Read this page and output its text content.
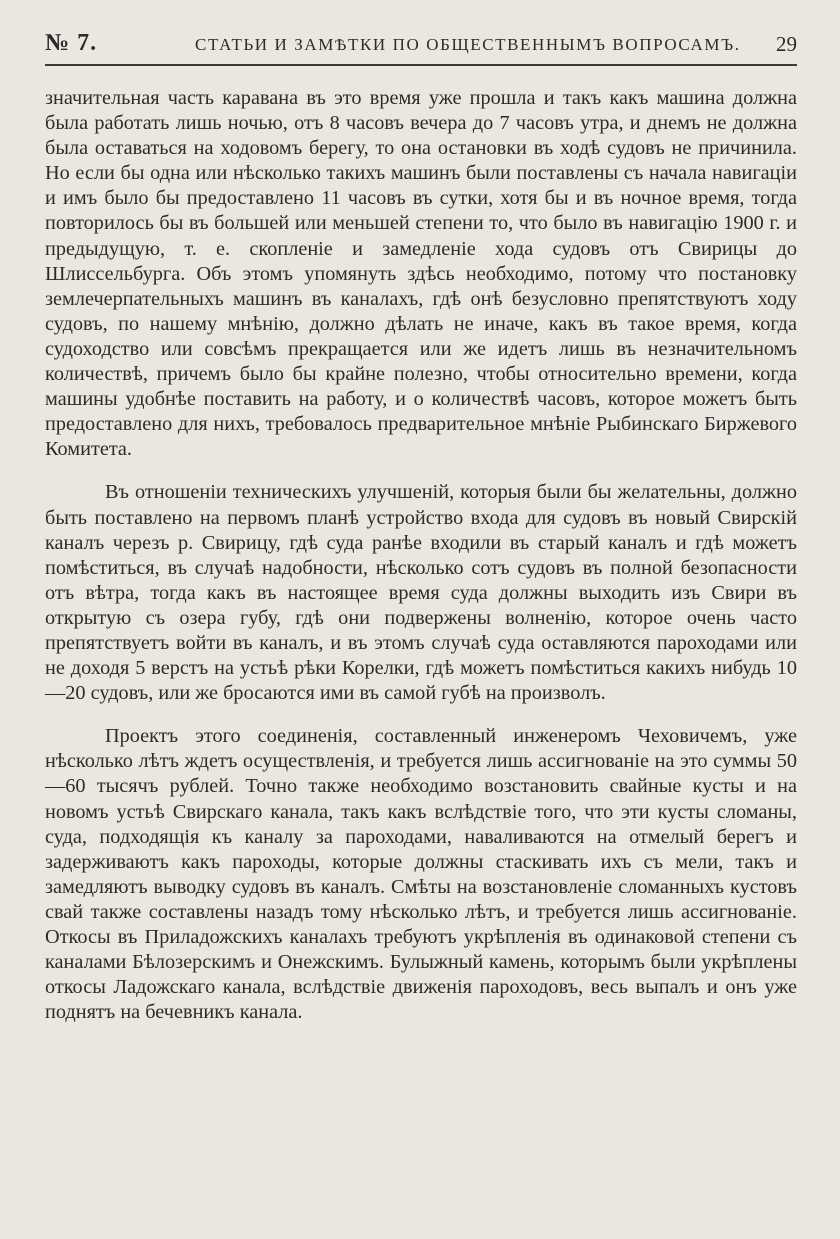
№ 7.	СТАТЬИ И ЗАМѢТКИ ПО ОБЩЕСТВЕННЫМЪ ВОПРОСАМЪ. 29

значительная часть каравана въ это время уже прошла и такъ какъ машина должна была работать лишь ночью, отъ 8 часовъ вечера до 7 часовъ утра, и днемъ не должна была оставаться на ходовомъ берегу, то она остановки въ ходѣ судовъ не причинила. Но если бы одна или нѣсколько такихъ машинъ были поставлены съ начала навигаціи и имъ было бы предоставлено 11 часовъ въ сутки, хотя бы и въ ночное время, тогда повторилось бы въ большей или меньшей степени то, что было въ навигацію 1900 г. и предыдущую, т. е. скопленіе и замедленіе хода судовъ отъ Свирицы до Шлиссельбурга. Объ этомъ упомянуть здѣсь необходимо, потому что постановку землечерпательныхъ машинъ въ каналахъ, гдѣ онѣ безусловно препятствуютъ ходу судовъ, по нашему мнѣнію, должно дѣлать не иначе, какъ въ такое время, когда судоходство или совсѣмъ прекращается или же идетъ лишь въ незначительномъ количествѣ, причемъ было бы крайне полезно, чтобы относительно времени, когда машины удобнѣе поставить на работу, и о количествѣ часовъ, которое можетъ быть предоставлено для нихъ, требовалось предварительное мнѣніе Рыбинскаго Биржевого Комитета.

Въ отношеніи техническихъ улучшеній, которыя были бы желательны, должно быть поставлено на первомъ планѣ устройство входа для судовъ въ новый Свирскій каналъ черезъ р. Свирицу, гдѣ суда ранѣе входили въ старый каналъ и гдѣ можетъ помѣститься, въ случаѣ надобности, нѣсколько сотъ судовъ въ полной безопасности отъ вѣтра, тогда какъ въ настоящее время суда должны выходить изъ Свири въ открытую съ озера губу, гдѣ они подвержены волненію, которое очень часто препятствуетъ войти въ каналъ, и въ этомъ случаѣ суда оставляются пароходами или не доходя 5 верстъ на устьѣ рѣки Корелки, гдѣ можетъ помѣститься какихъ нибудь 10—20 судовъ, или же бросаются ими въ самой губѣ на произволъ.

Проектъ этого соединенія, составленный инженеромъ Чеховичемъ, уже нѣсколько лѣтъ ждетъ осуществленія, и требуется лишь ассигнованіе на это суммы 50—60 тысячъ рублей. Точно также необходимо возстановить свайные кусты и на новомъ устьѣ Свирскаго канала, такъ какъ вслѣдствіе того, что эти кусты сломаны, суда, подходящія къ каналу за пароходами, наваливаются на отмелый берегъ и задерживаютъ какъ пароходы, которые должны стаскивать ихъ съ мели, такъ и замедляютъ выводку судовъ въ каналъ. Смѣты на возстановленіе сломанныхъ кустовъ свай также составлены назадъ тому нѣсколько лѣтъ, и требуется лишь ассигнованіе. Откосы въ Приладожскихъ каналахъ требуютъ укрѣпленія въ одинаковой степени съ каналами Бѣлозерскимъ и Онежскимъ. Булыжный камень, которымъ были укрѣплены откосы Ладожскаго канала, вслѣдствіе движенія пароходовъ, весь выпалъ и онъ уже поднятъ на бечевникъ канала.
